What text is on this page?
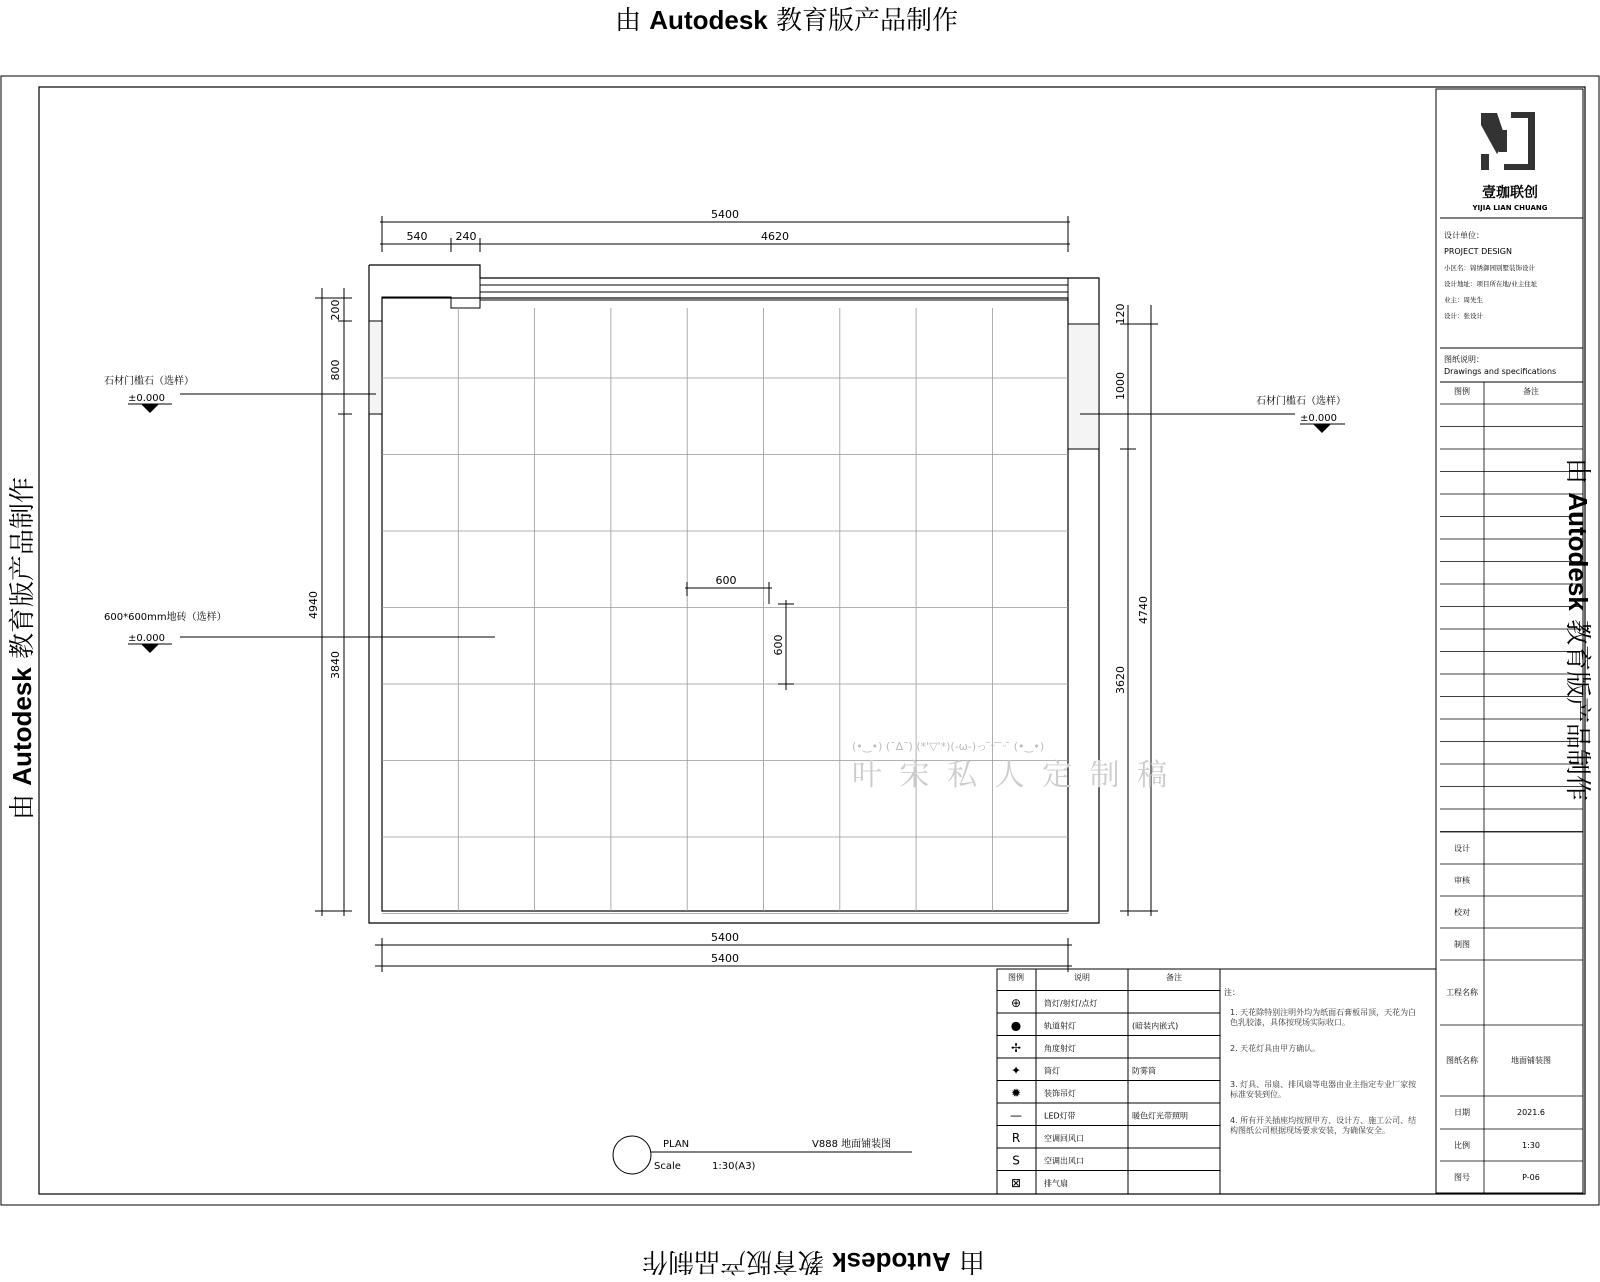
由 Autodesk 教育版产品制作
由 Autodesk 教育版产品制作
由 Autodesk 教育版产品制作
由 Autodesk 教育版产品制作
5400
540	240	4620
5400
5400
200
800
4940
3840
120
1000
4740
3620
600
600
石材门槛石（选样）
±0.000
600*600mm地砖（选样）
±0.000
石材门槛石（选样）
±0.000
(•‿•) (¯∆¯) (*'▽'*)(-ω-)っ ̄ᵕ ̄ ̄ᵕ ̄ (•‿•)
叶 宋 私 人 定 制 稿
PLAN
Scale	1:30(A3)
V888 地面铺装图
⊕	筒灯/射灯/点灯
●	轨道射灯	(暗装内嵌式)
✢	角度射灯
✦	筒灯	防雾筒
✹	装饰吊灯
—	LED灯带	暖色灯光带照明
R	空调回风口
S	空调出风口
⊠	排气扇
图例	说明	备注
注：
1. 天花除特别注明外均为纸面石膏板吊顶，天花为白色乳胶漆，具体按现场实际收口。
2. 天花灯具由甲方确认。
3. 灯具、吊扇、排风扇等电器由业主指定专业厂家按标准安装到位。
4. 所有开关插座均按照甲方、设计方、施工公司、结构图纸公司根据现场要求安装，为确保安全。
壹珈联创
YIJIA LIAN CHUANG
设计单位：
PROJECT DESIGN
小区名：锦绣御园别墅装饰设计
设计地址：项目所在地/业主住址
业主：周先生
设计：张设计
图纸说明：
Drawings and specifications
图例	备注
设计
审核
校对
制图
工程名称
图纸名称	地面铺装图
日期	2021.6
比例	1:30
图号	P-06
